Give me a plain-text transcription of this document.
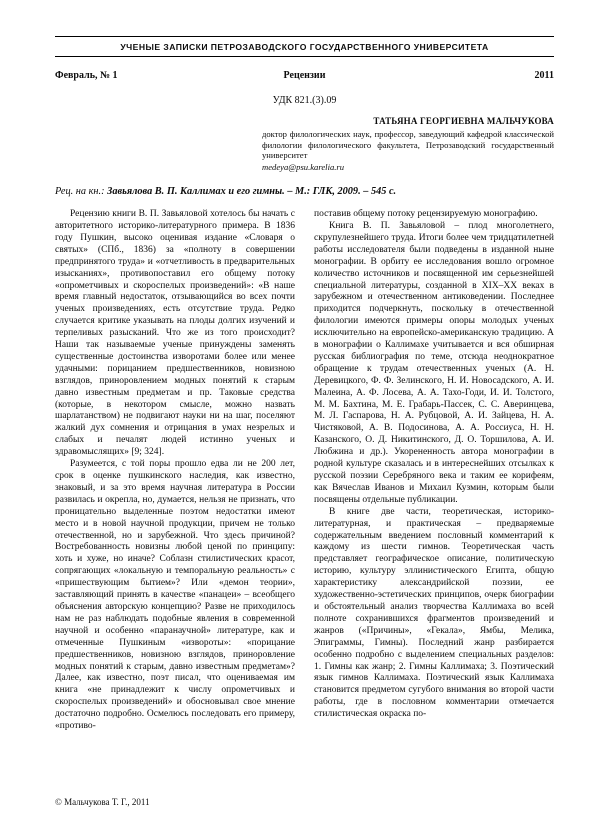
УЧЕНЫЕ ЗАПИСКИ ПЕТРОЗАВОДСКОГО ГОСУДАРСТВЕННОГО УНИВЕРСИТЕТА
Февраль, № 1	Рецензии	2011
УДК 821.(3).09
ТАТЬЯНА ГЕОРГИЕВНА МАЛЬЧУКОВА
доктор филологических наук, профессор, заведующий кафедрой классической филологии филологического факультета, Петрозаводский государственный университет
medeya@psu.karelia.ru
Рец. на кн.: Завьялова В. П. Каллимах и его гимны. – М.: ГЛК, 2009. – 545 с.

Рецензию книги В. П. Завьяловой хотелось бы начать с авторитетного историко-литературного примера. В 1836 году Пушкин, высоко оценивая издание «Словаря о святых» (СПб., 1836) за «полноту в совершении предпринятого труда» и «отчетливость в предварительных изысканиях», противопоставил его общему потоку «опрометчивых и скороспелых произведений»: «В наше время главный недостаток, отзывающийся во всех почти ученых произведениях, есть отсутствие труда. Редко случается критике указывать на плоды долгих изучений и терпеливых разысканий. Что же из того происходит? Наши так называемые ученые принуждены заменять существенные достоинства изворотами более или менее удачными: порицанием предшественников, новизною взглядов, приноровлением модных понятий к старым давно известным предметам и пр. Таковые средства (которые, в некотором смысле, можно назвать шарлатанством) не подвигают науки ни на шаг, поселяют жалкий дух сомнения и отрицания в умах незрелых и слабых и печалят людей истинно ученых и здравомыслящих» [9; 324].

Разумеется, с той поры прошло едва ли не 200 лет, срок в оценке пушкинского наследия, как известно, знаковый, и за это время научная литература в России развилась и окрепла, но, думается, нельзя не признать, что проницательно выделенные поэтом недостатки имеют место и в новой научной продукции, причем не только отечественной, но и зарубежной. Что здесь причиной? Востребованность новизны любой ценой по принципу: хоть и хуже, но иначе? Соблазн стилистических красот, сопрягающих «локальную и темпоральную реальность» с «пришествующим бытием»? Или «демон теории», заставляющий принять в качестве «панацеи» – всеобщего объяснения авторскую концепцию? Разве не приходилось нам не раз наблюдать подобные явления в современной научной и особенно «паранаучной» литературе, как и отмеченные Пушкиным «извороты»: «порицание предшественников, новизною взглядов, приноровление модных понятий к старым, давно известным предметам»? Далее, как известно, поэт писал, что оцениваемая им книга «не принадлежит к числу опрометчивых и скороспелых произведений» и обосновывал свое мнение достаточно подробно. Осмелюсь последовать его примеру, «противо-

поставив общему потоку рецензируемую монографию.

Книга В. П. Завьяловой – плод многолетнего, скрупулезнейшего труда. Итоги более чем тридцатилетней работы исследователя были подведены в изданной ныне монографии. В орбиту ее исследования вошло огромное количество источников и посвященной им серьезнейшей специальной литературы, созданной в XIX–XX веках в зарубежном и отечественном антиковедении. Последнее приходится подчеркнуть, поскольку в отечественной филологии имеются примеры опоры молодых ученых исключительно на европейско-американскую традицию. А в монографии о Каллимахе учитывается и вся обширная русская библиография по теме, отсюда неоднократное обращение к трудам отечественных ученых (А. Н. Деревицкого, Ф. Ф. Зелинского, Н. И. Новосадского, А. И. Малеина, А. Ф. Лосева, А. А. Тахо-Годи, И. И. Толстого, М. М. Бахтина, М. Е. Грабарь-Пассек, С. С. Аверинцева, М. Л. Гаспарова, Н. А. Рубцовой, А. И. Зайцева, Н. А. Чистяковой, А. В. Подосинова, А. А. Россиуса, Н. Н. Казанского, О. Д. Никитинского, Д. О. Торшилова, А. И. Любжина и др.). Укорененность автора монографии в родной культуре сказалась и в интереснейших отсылках к русской поэзии Серебряного века и таким ее корифеям, как Вячеслав Иванов и Михаил Кузмин, которым были посвящены отдельные публикации.

В книге две части, теоретическая, историко-литературная, и практическая – предваряемые содержательным введением пословный комментарий к каждому из шести гимнов. Теоретическая часть представляет географическое описание, политическую историю, культуру эллинистического Египта, общую характеристику александрийской поэзии, ее художественно-эстетических принципов, очерк биографии и обстоятельный анализ творчества Каллимаха во всей полноте сохранившихся фрагментов произведений и жанров («Причины», «Гекала», Ямбы, Мелика, Эпиграммы, Гимны). Последний жанр разбирается особенно подробно с выделением специальных разделов: 1. Гимны как жанр; 2. Гимны Каллимаха; 3. Поэтический язык гимнов Каллимаха. Поэтический язык Каллимаха становится предметом сугубого внимания во второй части работы, где в пословном комментарии отмечается стилистическая окраска по-

© Мальчукова Т. Г., 2011
